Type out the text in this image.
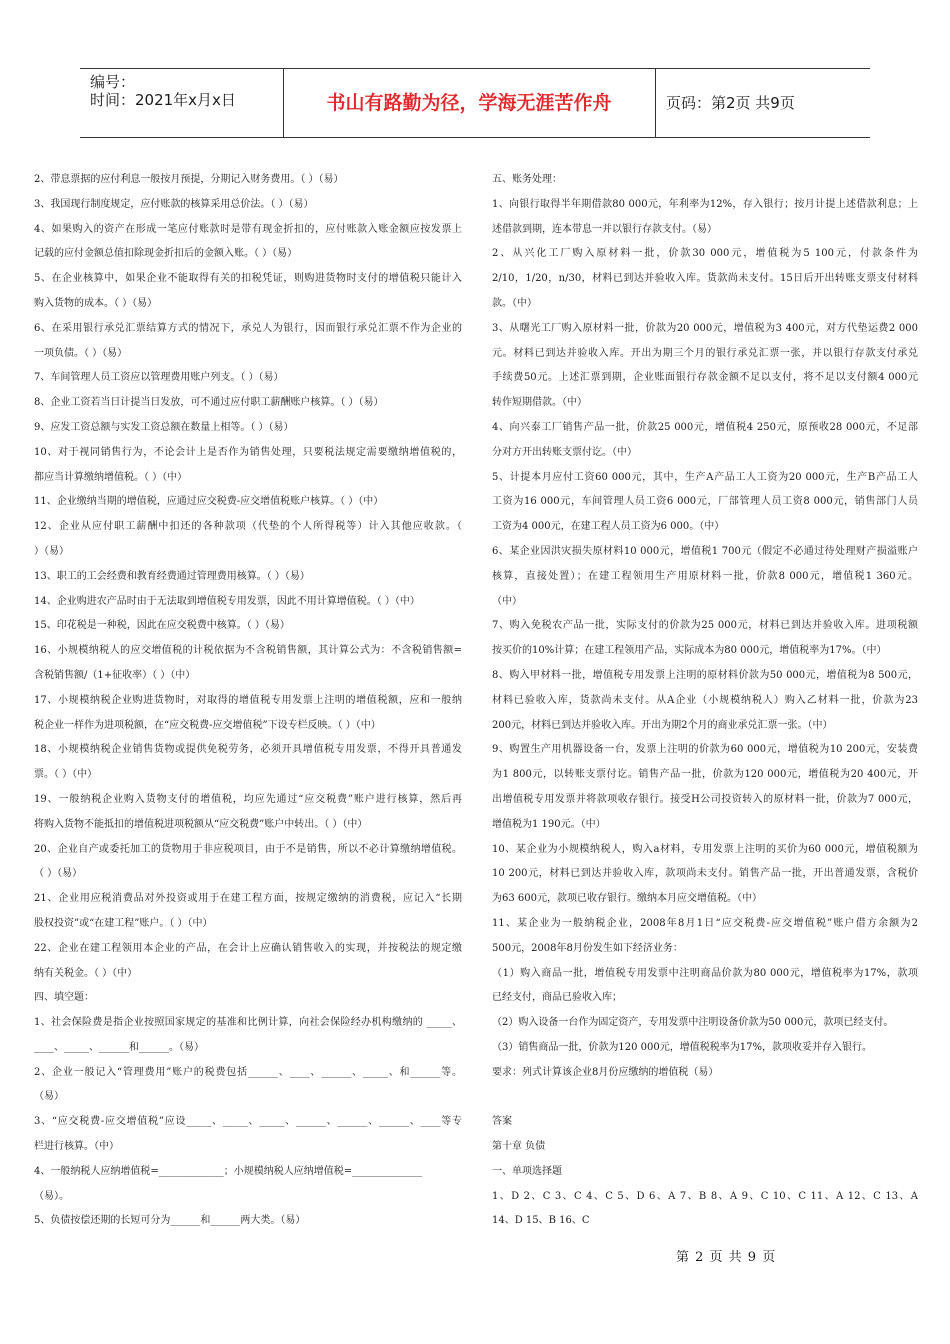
编号：
时间：2021年x月x日	书山有路勤为径，学海无涯苦作舟	页码：第2页 共9页
2、带息票据的应付利息一般按月预提，分期记入财务费用。（ ）（易）
3、我国现行制度规定，应付账款的核算采用总价法。（ ）（易）
4、如果购入的资产在形成一笔应付账款时是带有现金折扣的，应付账款入账金额应按发票上
记载的应付金额总值扣除现金折扣后的金额入账。（ ）（易）
5、在企业核算中，如果企业不能取得有关的扣税凭证，则购进货物时支付的增值税只能计入
购入货物的成本。（ ）（易）
6、在采用银行承兑汇票结算方式的情况下，承兑人为银行，因而银行承兑汇票不作为企业的
一项负债。（ ）（易）
7、车间管理人员工资应以管理费用账户列支。（ ）（易）
8、企业工资若当日计提当日发放，可不通过应付职工薪酬账户核算。（ ）（易）
9、应发工资总额与实发工资总额在数量上相等。（ ）（易）
10、对于视同销售行为，不论会计上是否作为销售处理，只要税法规定需要缴纳增值税的，
都应当计算缴纳增值税。（ ）（中）
11、企业缴纳当期的增值税，应通过应交税费-应交增值税账户核算。（ ）（中）
12、企业从应付职工薪酬中扣还的各种款项（代垫的个人所得税等）计入其他应收款。（
）（易）
13、职工的工会经费和教育经费通过管理费用核算。（ ）（易）
14、企业购进农产品时由于无法取到增值税专用发票，因此不用计算增值税。（ ）（中）
15、印花税是一种税，因此在应交税费中核算。（ ）（易）
16、小规模纳税人的应交增值税的计税依据为不含税销售额，其计算公式为：不含税销售额=
含税销售额/（1+征收率）（ ）（中）
17、小规模纳税企业购进货物时，对取得的增值税专用发票上注明的增值税额，应和一般纳
税企业一样作为进项税额，在“应交税费-应交增值税”下设专栏反映。（ ）（中）
18、小规模纳税企业销售货物或提供免税劳务，必须开具增值税专用发票，不得开具普通发
票。（ ）（中）
19、一般纳税企业购入货物支付的增值税，均应先通过“应交税费”账户进行核算，然后再
将购入货物不能抵扣的增值税进项税额从“应交税费”账户中转出。（ ）（中）
20、企业自产或委托加工的货物用于非应税项目，由于不是销售，所以不必计算缴纳增值税。
（ ）（易）
21、企业用应税消费品对外投资或用于在建工程方面，按规定缴纳的消费税，应记入“长期
股权投资”或“在建工程”账户。（ ）（中）
22、企业在建工程领用本企业的产品，在会计上应确认销售收入的实现，并按税法的规定缴
纳有关税金。（ ）（中）
四、填空题：
1、社会保险费是指企业按照国家规定的基准和比例计算，向社会保险经办机构缴纳的 _____、
____、_____、______和______。（易）
2、企业一般记入“管理费用”账户的税费包括______、____、______、_____、和______等。
（易）
3、“应交税费-应交增值税”应设_____、_____、_____、______、______、______、____等专
栏进行核算。（中）
4、一般纳税人应纳增值税=_____________；小规模纳税人应纳增值税=______________
（易）。
5、负债按偿还期的长短可分为______和______两大类。（易）
五、账务处理：
1、向银行取得半年期借款80 000元，年利率为12%，存入银行；按月计提上述借款利息；上
述借款到期，连本带息一并以银行存款支付。（易）
2、从兴化工厂购入原材料一批，价款30 000元，增值税为5 100元，付款条件为
2/10，1/20，n/30，材料已到达并验收入库。货款尚未支付。15日后开出转账支票支付材料
款。（中）
3、从曙光工厂购入原材料一批，价款为20 000元，增值税为3 400元，对方代垫运费2 000
元。材料已到达并验收入库。开出为期三个月的银行承兑汇票一张，并以银行存款支付承兑
手续费50元。上述汇票到期，企业账面银行存款金额不足以支付，将不足以支付额4 000元
转作短期借款。（中）
4、向兴泰工厂销售产品一批，价款25 000元，增值税4 250元，原预收28 000元，不足部
分对方开出转账支票付讫。（中）
5、计提本月应付工资60 000元，其中，生产A产品工人工资为20 000元，生产B产品工人
工资为16 000元，车间管理人员工资6 000元，厂部管理人员工资8 000元，销售部门人员
工资为4 000元，在建工程人员工资为6 000。（中）
6、某企业因洪灾损失原材料10 000元，增值税1 700元（假定不必通过待处理财产损溢账户
核算，直接处置）；在建工程领用生产用原材料一批，价款8 000元，增值税1 360元。
（中）
7、购入免税农产品一批，实际支付的价款为25 000元，材料已到达并验收入库。进项税额
按买价的10%计算；在建工程领用产品，实际成本为80 000元，增值税率为17%。（中）
8、购入甲材料一批，增值税专用发票上注明的原材料价款为50 000元，增值税为8 500元，
材料已验收入库，货款尚未支付。从A企业（小规模纳税人）购入乙材料一批，价款为23
200元，材料已到达并验收入库。开出为期2个月的商业承兑汇票一张。（中）
9、购置生产用机器设备一台，发票上注明的价款为60 000元，增值税为10 200元，安装费
为1 800元，以转账支票付讫。销售产品一批，价款为120 000元，增值税为20 400元，开
出增值税专用发票并将款项收存银行。接受H公司投资转入的原材料一批，价款为7 000元，
增值税为1 190元。（中）
10、某企业为小规模纳税人，购入a材料，专用发票上注明的买价为60 000元，增值税额为
10 200元，材料已到达并验收入库，款项尚未支付。销售产品一批，开出普通发票，含税价
为63 600元，款项已收存银行。缴纳本月应交增值税。（中）
11、某企业为一般纳税企业，2008年8月1日“应交税费-应交增值税”账户借方余额为2
500元，2008年8月份发生如下经济业务：
（1）购入商品一批，增值税专用发票中注明商品价款为80 000元，增值税率为17%，款项
已经支付，商品已验收入库；
（2）购入设备一台作为固定资产，专用发票中注明设备价款为50 000元，款项已经支付。
（3）销售商品一批，价款为120 000元，增值税税率为17%，款项收妥并存入银行。
要求：列式计算该企业8月份应缴纳的增值税（易）
答案
第十章 负债
一、单项选择题
1、D 2、C 3、C 4、C 5、D 6、A 7、B 8、A 9、C 10、C 11、A 12、C 13、A
14、D 15、B 16、C
第 2 页 共 9 页
